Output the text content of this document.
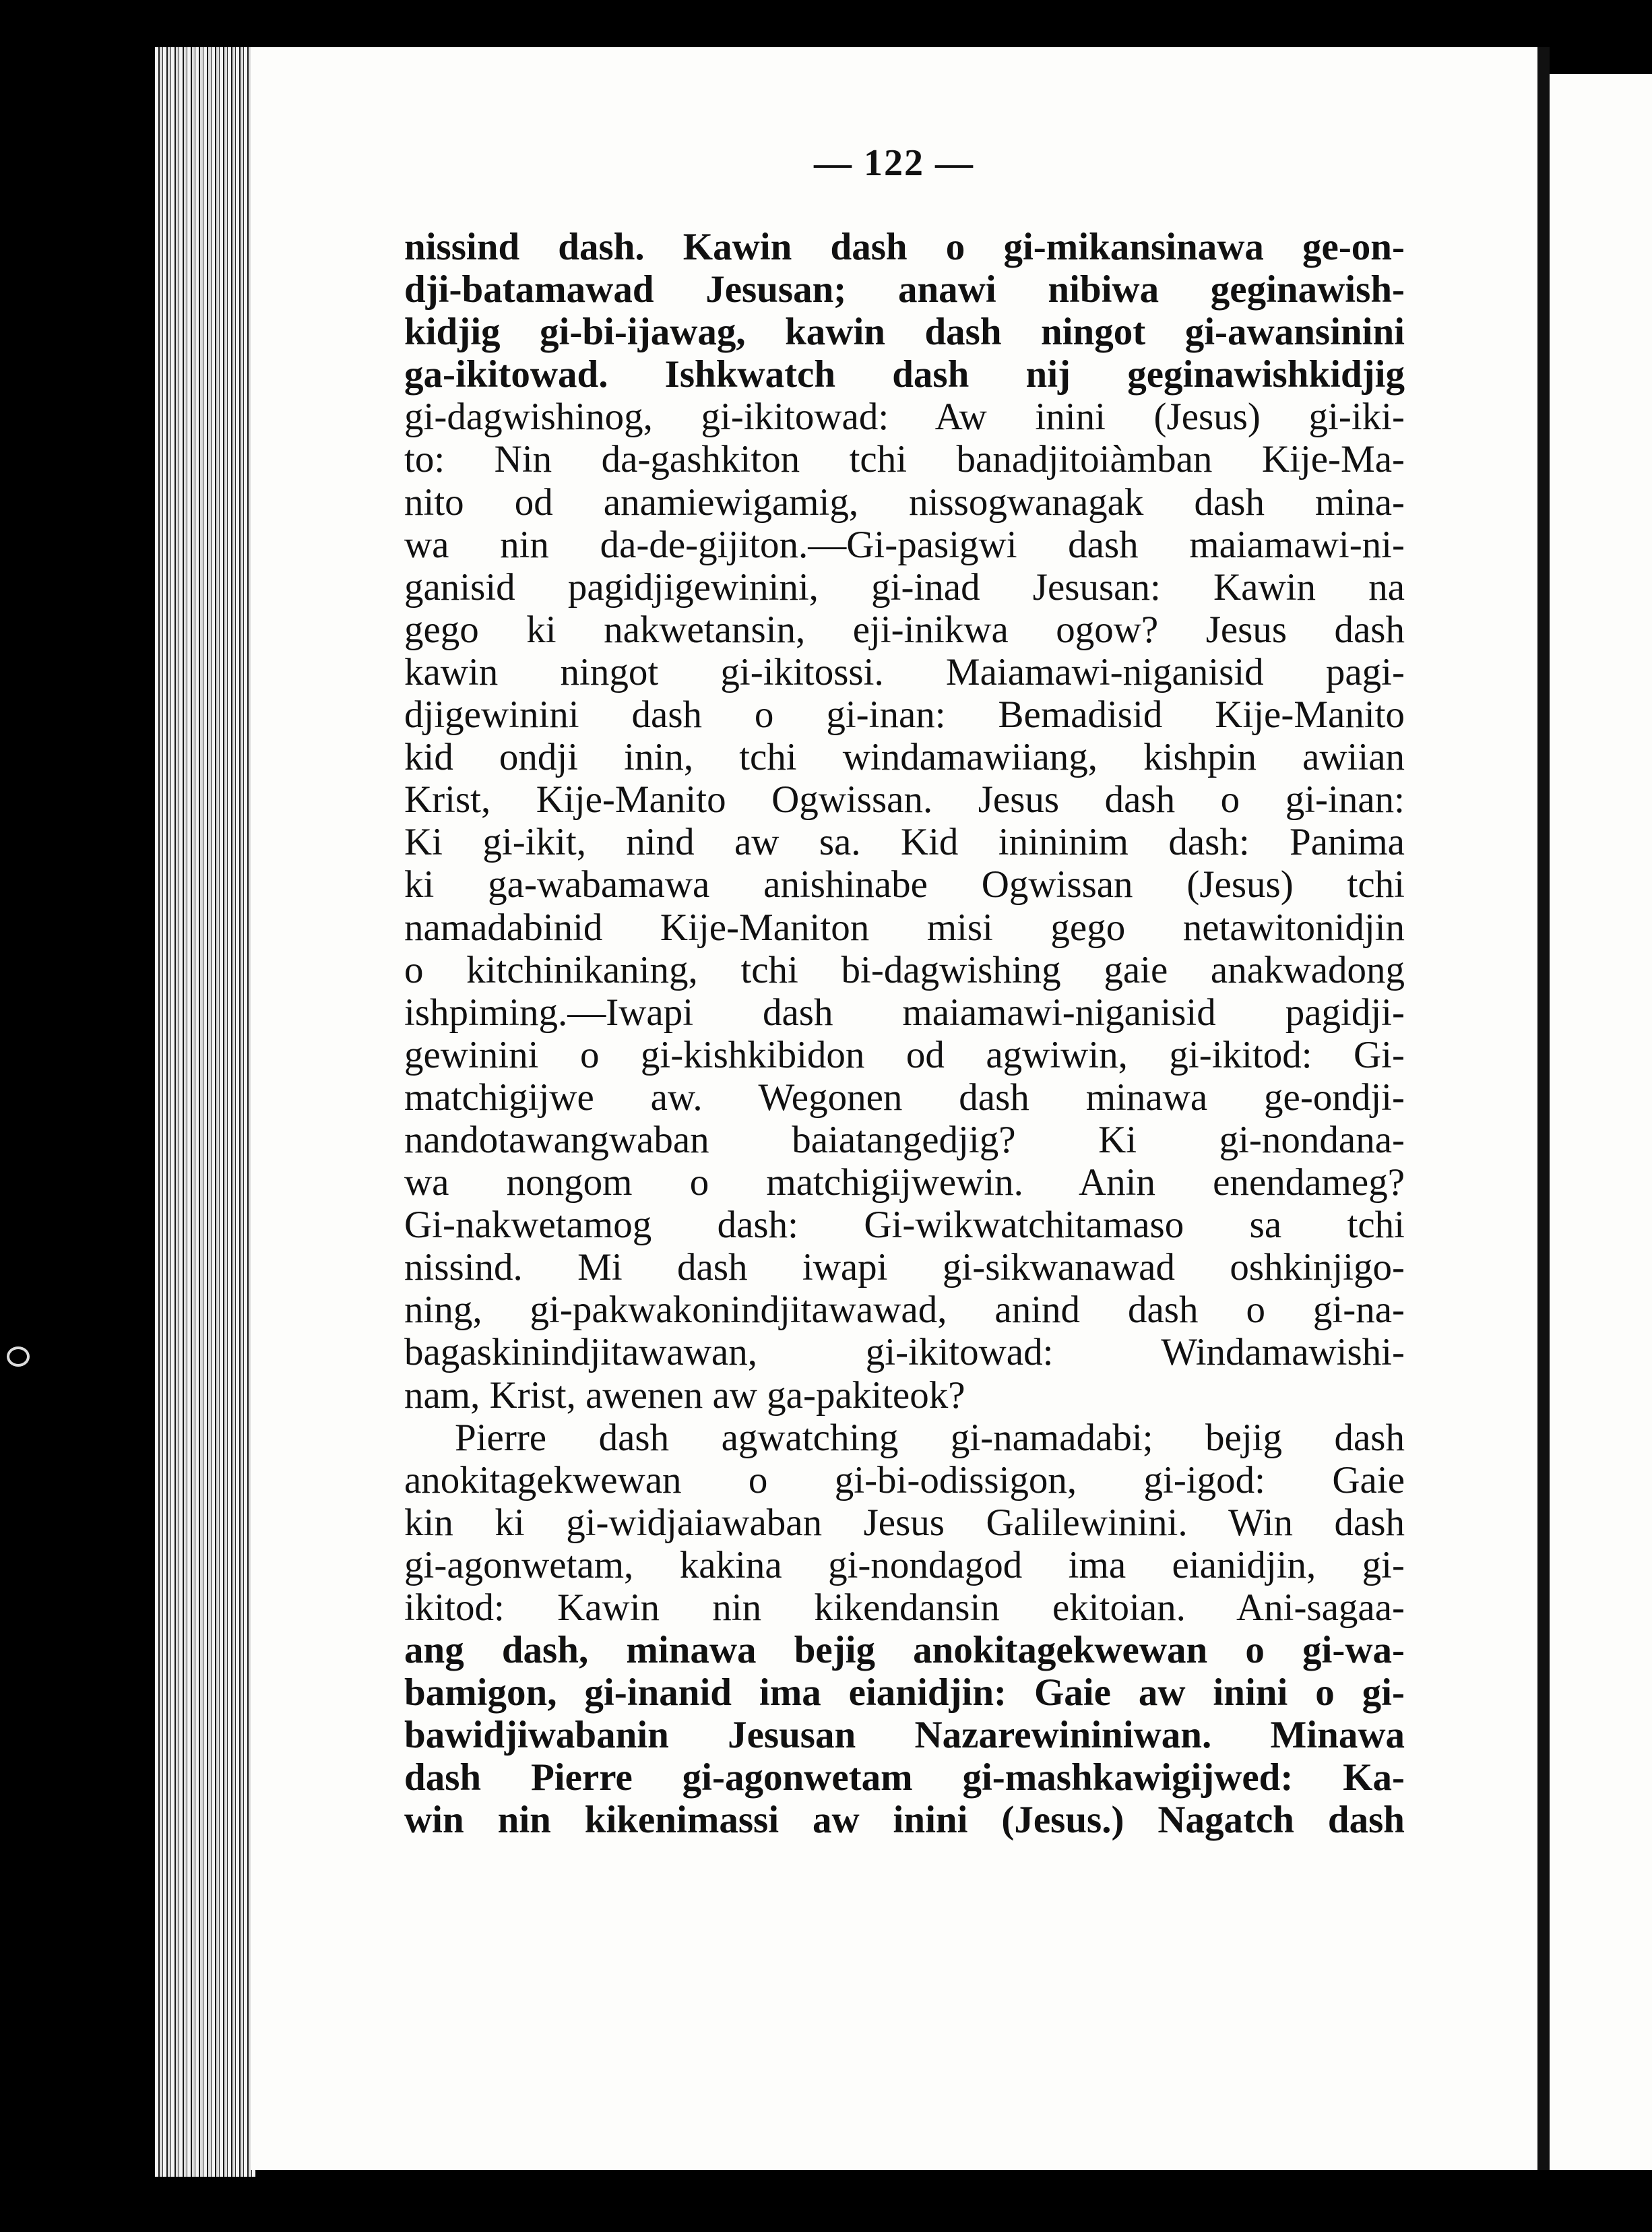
— 122 —
nissind dash. Kawin dash o gi-mikansinawa ge-on-
dji-batamawad Jesusan; anawi nibiwa geginawish-
kidjig gi-bi-ijawag, kawin dash ningot gi-awansinini
ga-ikitowad. Ishkwatch dash nij geginawishkidjig
gi-dagwishinog, gi-ikitowad: Aw inini (Jesus) gi-iki-
to: Nin da-gashkiton tchi banadjitoiàmban Kije-Ma-
nito od anamiewigamig, nissogwanagak dash mina-
wa nin da-de-gijiton.—Gi-pasigwi dash maiamawi-ni-
ganisid pagidjigewinini, gi-inad Jesusan: Kawin na
gego ki nakwetansin, eji-inikwa ogow? Jesus dash
kawin ningot gi-ikitossi. Maiamawi-niganisid pagi-
djigewinini dash o gi-inan: Bemadisid Kije-Manito
kid ondji inin, tchi windamawiiang, kishpin awiian
Krist, Kije-Manito Ogwissan. Jesus dash o gi-inan:
Ki gi-ikit, nind aw sa. Kid inininim dash: Panima
ki ga-wabamawa anishinabe Ogwissan (Jesus) tchi
namadabinid Kije-Maniton misi gego netawitonidjin
o kitchinikaning, tchi bi-dagwishing gaie anakwadong
ishpiming.—Iwapi dash maiamawi-niganisid pagidji-
gewinini o gi-kishkibidon od agwiwin, gi-ikitod: Gi-
matchigijwe aw. Wegonen dash minawa ge-ondji-
nandotawangwaban baiatangedjig? Ki gi-nondana-
wa nongom o matchigijwewin. Anin enendameg?
Gi-nakwetamog dash: Gi-wikwatchitamaso sa tchi
nissind. Mi dash iwapi gi-sikwanawad oshkinjigo-
ning, gi-pakwakonindjitawawad, anind dash o gi-na-
bagaskinindjitawawan, gi-ikitowad: Windamawishi-
nam, Krist, awenen aw ga-pakiteok?
Pierre dash agwatching gi-namadabi; bejig dash
anokitagekwewan o gi-bi-odissigon, gi-igod: Gaie
kin ki gi-widjaiawaban Jesus Galilewinini. Win dash
gi-agonwetam, kakina gi-nondagod ima eianidjin, gi-
ikitod: Kawin nin kikendansin ekitoian. Ani-sagaa-
ang dash, minawa bejig anokitagekwewan o gi-wa-
bamigon, gi-inanid ima eianidjin: Gaie aw inini o gi-
bawidjiwabanin Jesusan Nazarewininiwan. Minawa
dash Pierre gi-agonwetam gi-mashkawigijwed: Ka-
win nin kikenimassi aw inini (Jesus.) Nagatch dash
